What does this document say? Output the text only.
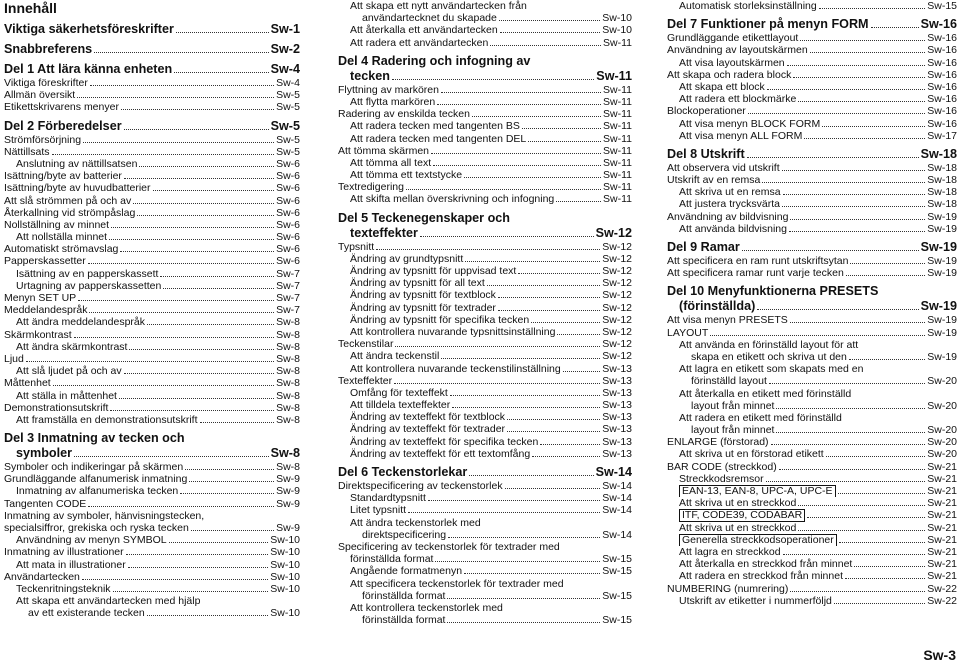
Innehåll
Viktiga säkerhetsföreskrifter	Sw-1
Snabbreferens	Sw-2
Del 1 Att lära känna enheten	Sw-4
Viktiga föreskrifter	Sw-4
Allmän översikt	Sw-5
Etikettskrivarens menyer	Sw-5
Del 2 Förberedelser	Sw-5
Strömförsörjning	Sw-5
Nättillsats	Sw-5
Anslutning av nättillsatsen	Sw-6
Isättning/byte av batterier	Sw-6
Isättning/byte av huvudbatterier	Sw-6
Att slå strömmen på och av	Sw-6
Återkallning vid strömpåslag	Sw-6
Nollställning av minnet	Sw-6
Att nollställa minnet	Sw-6
Automatiskt strömavslag	Sw-6
Papperskassetter	Sw-6
Isättning av en papperskassett	Sw-7
Urtagning av papperskassetten	Sw-7
Menyn SET UP	Sw-7
Meddelandespråk	Sw-7
Att ändra meddelandespråk	Sw-8
Skärmkontrast	Sw-8
Att ändra skärmkontrast	Sw-8
Ljud	Sw-8
Att slå ljudet på och av	Sw-8
Måttenhet	Sw-8
Att ställa in måttenhet	Sw-8
Demonstrationsutskrift	Sw-8
Att framställa en demonstrationsutskrift	Sw-8
Del 3 Inmatning av tecken och
symboler	Sw-8
Symboler och indikeringar på skärmen	Sw-8
Grundläggande alfanumerisk inmatning	Sw-9
Inmatning av alfanumeriska tecken	Sw-9
Tangenten CODE	Sw-9
Inmatning av symboler, hänvisningstecken,
specialsiffror, grekiska och ryska tecken	Sw-9
Användning av menyn SYMBOL	Sw-10
Inmatning av illustrationer	Sw-10
Att mata in illustrationer	Sw-10
Användartecken	Sw-10
Teckenritningsteknik	Sw-10
Att skapa ett användartecken med hjälp
av ett existerande tecken	Sw-10
Att skapa ett nytt användartecken från
användartecknet du skapade	Sw-10
Att återkalla ett användartecken	Sw-10
Att radera ett användartecken	Sw-11
Del 4 Radering och infogning av
tecken	Sw-11
Flyttning av markören	Sw-11
Att flytta markören	Sw-11
Radering av enskilda tecken	Sw-11
Att radera tecken med tangenten BS	Sw-11
Att radera tecken med tangenten DEL	Sw-11
Att tömma skärmen	Sw-11
Att tömma all text	Sw-11
Att tömma ett textstycke	Sw-11
Textredigering	Sw-11
Att skifta mellan överskrivning och infogning	Sw-11
Del 5 Teckenegenskaper och
texteffekter	Sw-12
Typsnitt	Sw-12
Ändring av grundtypsnitt	Sw-12
Ändring av typsnitt för uppvisad text	Sw-12
Ändring av typsnitt för all text	Sw-12
Ändring av typsnitt för textblock	Sw-12
Ändring av typsnitt för textrader	Sw-12
Ändring av typsnitt för specifika tecken	Sw-12
Att kontrollera nuvarande typsnittsinställning	Sw-12
Teckenstilar	Sw-12
Att ändra teckenstil	Sw-12
Att kontrollera nuvarande teckenstilinställning	Sw-13
Texteffekter	Sw-13
Omfång för texteffekt	Sw-13
Att tilldela texteffekter	Sw-13
Ändring av texteffekt för textblock	Sw-13
Ändring av texteffekt för textrader	Sw-13
Ändring av texteffekt för specifika tecken	Sw-13
Ändring av texteffekt för ett textomfång	Sw-13
Del 6 Teckenstorlekar	Sw-14
Direktspecificering av teckenstorlek	Sw-14
Standardtypsnitt	Sw-14
Litet typsnitt	Sw-14
Att ändra teckenstorlek med
direktspecificering	Sw-14
Specificering av teckenstorlek för textrader med
förinställda format	Sw-15
Angående formatmenyn	Sw-15
Att specificera teckenstorlek för textrader med
förinställda format	Sw-15
Att kontrollera teckenstorlek med
förinställda format	Sw-15
Automatisk storleksinställning	Sw-15
Del 7 Funktioner på menyn FORM	Sw-16
Grundläggande etikettlayout	Sw-16
Användning av layoutskärmen	Sw-16
Att visa layoutskärmen	Sw-16
Att skapa och radera block	Sw-16
Att skapa ett block	Sw-16
Att radera ett blockmärke	Sw-16
Blockoperationer	Sw-16
Att visa menyn BLOCK FORM	Sw-16
Att visa menyn ALL FORM	Sw-17
Del 8 Utskrift	Sw-18
Att observera vid utskrift	Sw-18
Utskrift av en remsa	Sw-18
Att skriva ut en remsa	Sw-18
Att justera trycksvärta	Sw-18
Användning av bildvisning	Sw-19
Att använda bildvisning	Sw-19
Del 9 Ramar	Sw-19
Att specificera en ram runt utskriftsytan	Sw-19
Att specificera ramar runt varje tecken	Sw-19
Del 10 Menyfunktionerna PRESETS
(förinställda)	Sw-19
Att visa menyn PRESETS	Sw-19
LAYOUT	Sw-19
Att använda en förinställd layout för att
skapa en etikett och skriva ut den	Sw-19
Att lagra en etikett som skapats med en
förinställd layout	Sw-20
Att återkalla en etikett med förinställd
layout från minnet	Sw-20
Att radera en etikett med förinställd
layout från minnet	Sw-20
ENLARGE (förstorad)	Sw-20
Att skriva ut en förstorad etikett	Sw-20
BAR CODE (streckkod)	Sw-21
Streckkodsremsor	Sw-21
EAN-13, EAN-8, UPC-A, UPC-E	Sw-21
Att skriva ut en streckkod	Sw-21
ITF, CODE39, CODABAR	Sw-21
Att skriva ut en streckkod	Sw-21
Generella streckkodsoperationer	Sw-21
Att lagra en streckkod	Sw-21
Att återkalla en streckkod från minnet	Sw-21
Att radera en streckkod från minnet	Sw-21
NUMBERING (numrering)	Sw-22
Utskrift av etiketter i nummerföljd	Sw-22
Sw-3
